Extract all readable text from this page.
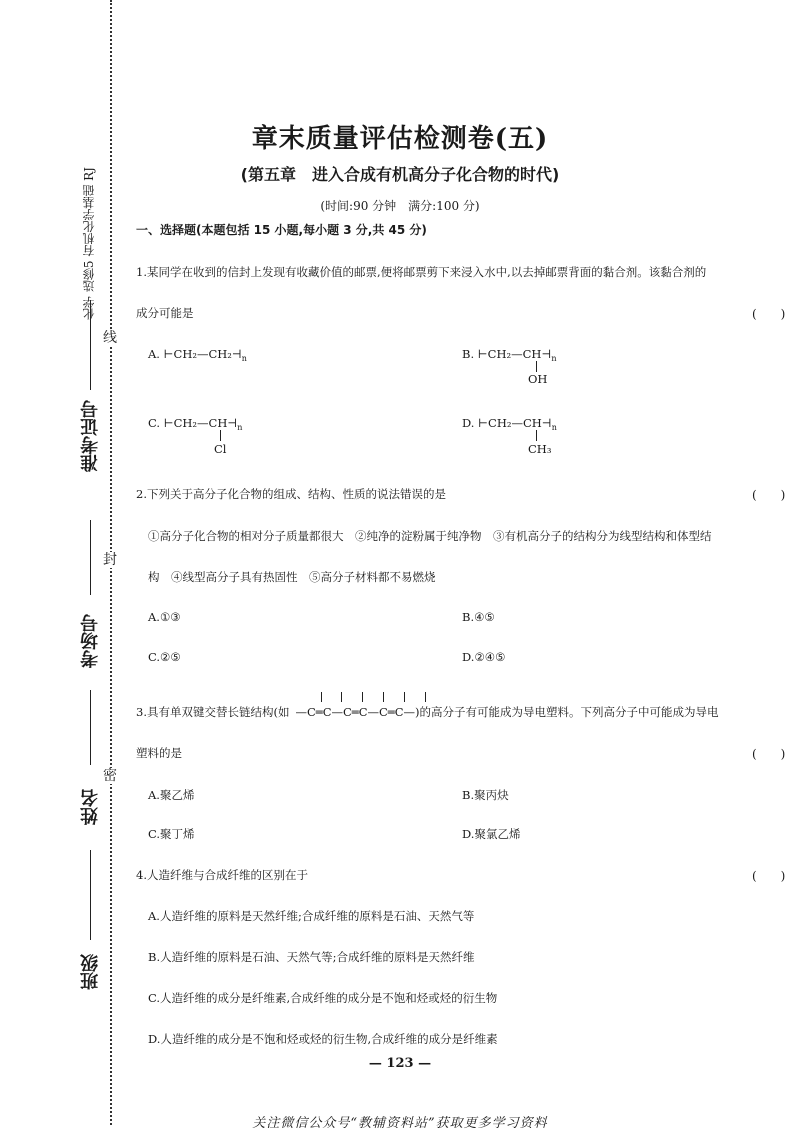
化学 选修5 有机化学基础 RJ
线
封
密
准考证号
考场号
姓名
班级
章末质量评估检测卷(五)
(第五章　进入合成有机高分子化合物的时代)
(时间:90 分钟　满分:100 分)
一、选择题(本题包括 15 小题,每小题 3 分,共 45 分)
1.某同学在收到的信封上发现有收藏价值的邮票,便将邮票剪下来浸入水中,以去掉邮票背面的黏合剂。该黏合剂的
成分可能是	(　　)
A. $⊢CH_2—CH_2⊣_n$	B. $⊢CH_2—CH⊣_n$
OH
C. $⊢CH_2—CH⊣_n$
Cl
D. $⊢CH_2—CH⊣_n$
CH₃
2.下列关于高分子化合物的组成、结构、性质的说法错误的是	(　　)
①高分子化合物的相对分子质量都很大　②纯净的淀粉属于纯净物　③有机高分子的结构分为线型结构和体型结
构　④线型高分子具有热固性　⑤高分子材料都不易燃烧
A.①③	B.④⑤
C.②⑤	D.②④⑤
3.具有单双键交替长链结构(如 —C═C—C═C—C═C—)的高分子有可能成为导电塑料。下列高分子中可能成为导电
塑料的是	(　　)
A.聚乙烯	B.聚丙炔
C.聚丁烯	D.聚氯乙烯
4.人造纤维与合成纤维的区别在于	(　　)
A.人造纤维的原料是天然纤维;合成纤维的原料是石油、天然气等
B.人造纤维的原料是石油、天然气等;合成纤维的原料是天然纤维
C.人造纤维的成分是纤维素,合成纤维的成分是不饱和烃或烃的衍生物
D.人造纤维的成分是不饱和烃或烃的衍生物,合成纤维的成分是纤维素
— 123 —
关注微信公众号“教辅资料站”获取更多学习资料
